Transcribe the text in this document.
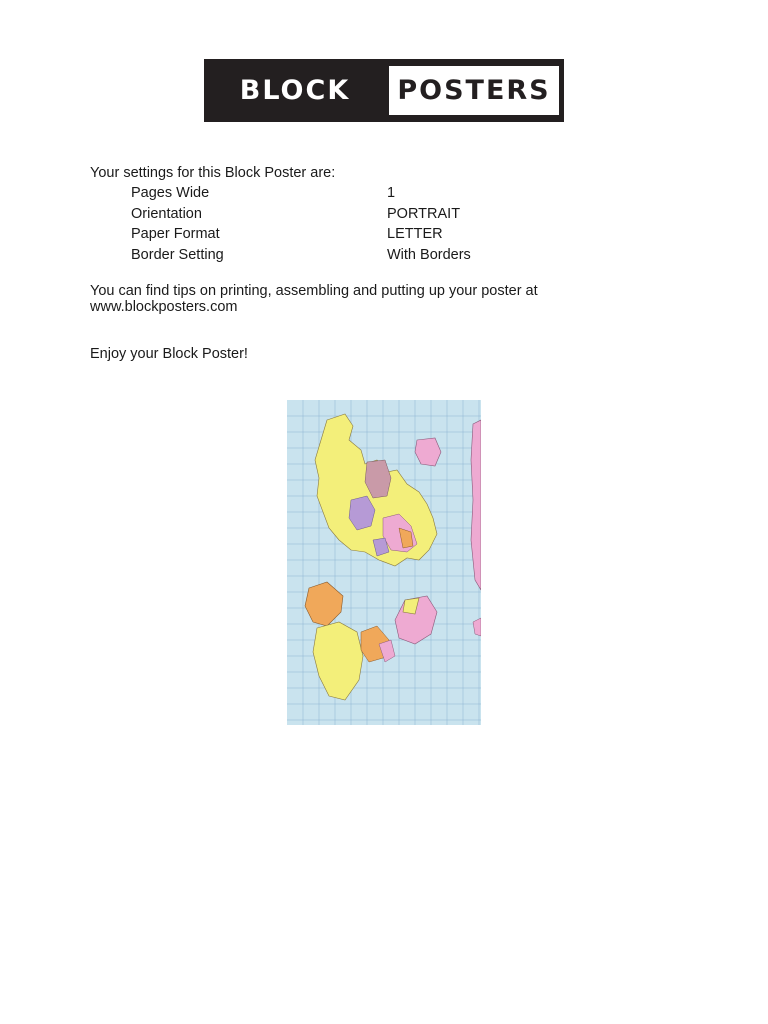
BLOCK	POSTERS
Your settings for this Block Poster are:
Pages Wide	1
Orientation	PORTRAIT
Paper Format	LETTER
Border Setting	With Borders
You can find tips on printing, assembling and putting up your poster at
www.blockposters.com
Enjoy your Block Poster!
